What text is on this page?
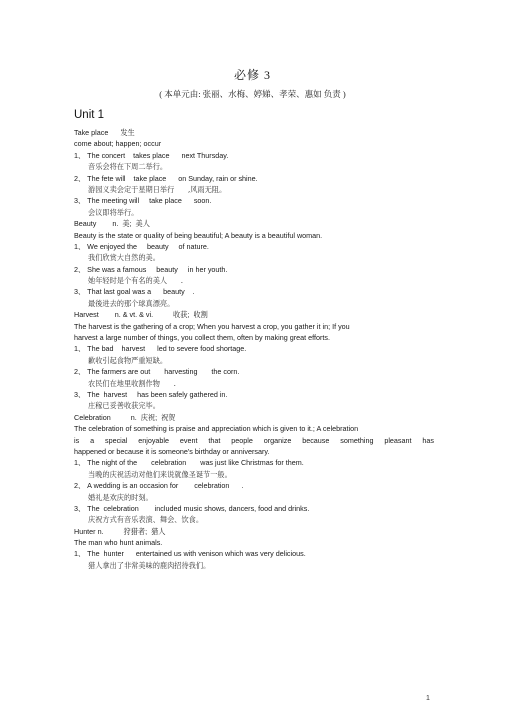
必修 3
( 本单元由: 张丽、水梅、婷娣、孝荣、惠如 负责 )
Unit 1
Take place      发生
come about; happen; occur
1、 The concert    takes place      next Thursday.
音乐会将在下周二举行。
2、 The fete will    take place      on Sunday, rain or shine.
游园义卖会定于星期日举行      ,风雨无阻。
3、 The meeting will     take place      soon.
会议即将举行。
Beauty        n.  美;  美人
Beauty is the state or quality of being beautiful; A beauty is a beautiful woman.
1、 We enjoyed the     beauty     of nature.
我们欣赏大自然的美。
2、 She was a famous     beauty     in her youth.
她年轻时是个有名的美人      .
3、 That last goal was a      beauty    .
最後进去的那个球真漂亮。
Harvest        n. & vt. & vi.          收获;  收割
The harvest is the gathering of a crop; When you harvest a crop, you gather it in; If you
harvest a large number of things, you collect them, often by making great efforts.
1、 The bad    harvest      led to severe food shortage.
歉收引起食物严重短缺。
2、 The farmers are out       harvesting       the corn.
农民们在地里收割作物      .
3、 The  harvest     has been safely gathered in.
庄稼已妥善收获完毕。
Celebration          n.  庆祝;  祝贺
The celebration of something is praise and appreciation which is given to it.; A celebration
is a special enjoyable event that people organize because something pleasant has
happened or because it is someone's birthday or anniversary.
1、 The night of the       celebration       was just like Christmas for them.
当晚的庆祝活动对他们来说就像圣诞节一般。
2、 A wedding is an occasion for        celebration      .
婚礼是欢庆的时刻。
3、 The  celebration        included music shows, dancers, food and drinks.
庆祝方式有音乐表演、舞会、饮食。
Hunter n.          狩猎者;  猎人
The man who hunt animals.
1、 The  hunter      entertained us with venison which was very delicious.
猎人拿出了非常美味的鹿肉招待我们。
1
